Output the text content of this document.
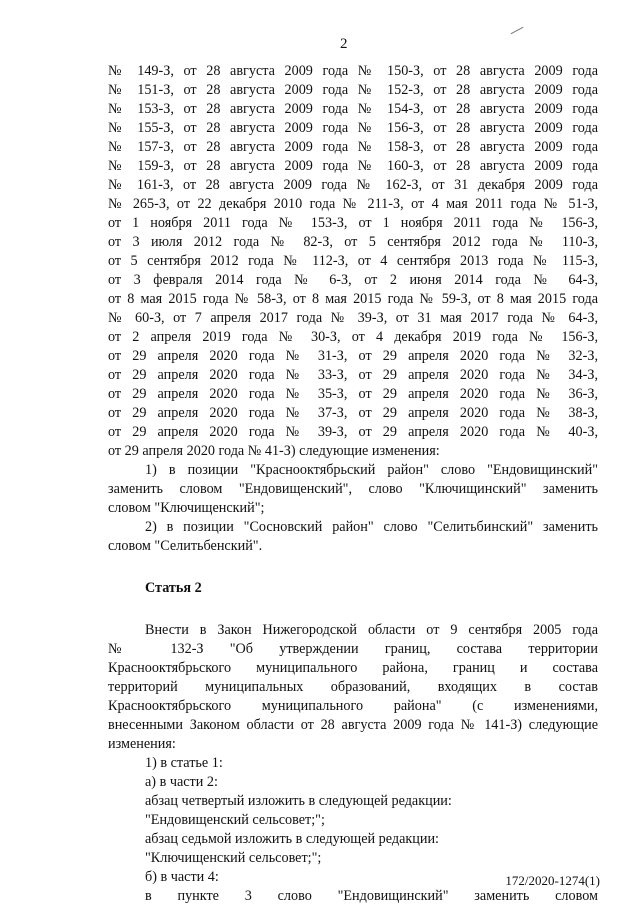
2
№ 149-З, от 28 августа 2009 года № 150-З, от 28 августа 2009 года
№ 151-З, от 28 августа 2009 года № 152-З, от 28 августа 2009 года
№ 153-З, от 28 августа 2009 года № 154-З, от 28 августа 2009 года
№ 155-З, от 28 августа 2009 года № 156-З, от 28 августа 2009 года
№ 157-З, от 28 августа 2009 года № 158-З, от 28 августа 2009 года
№ 159-З, от 28 августа 2009 года № 160-З, от 28 августа 2009 года
№ 161-З, от 28 августа 2009 года № 162-З, от 31 декабря 2009 года
№ 265-З, от 22 декабря 2010 года № 211-З, от 4 мая 2011 года № 51-З,
от 1 ноября 2011 года № 153-З, от 1 ноября 2011 года № 156-З,
от 3 июля 2012 года № 82-З, от 5 сентября 2012 года № 110-З,
от 5 сентября 2012 года № 112-З, от 4 сентября 2013 года № 115-З,
от 3 февраля 2014 года № 6-З, от 2 июня 2014 года № 64-З,
от 8 мая 2015 года № 58-З, от 8 мая 2015 года № 59-З, от 8 мая 2015 года
№ 60-З, от 7 апреля 2017 года № 39-З, от 31 мая 2017 года № 64-З,
от 2 апреля 2019 года № 30-З, от 4 декабря 2019 года № 156-З,
от 29 апреля 2020 года № 31-З, от 29 апреля 2020 года № 32-З,
от 29 апреля 2020 года № 33-З, от 29 апреля 2020 года № 34-З,
от 29 апреля 2020 года № 35-З, от 29 апреля 2020 года № 36-З,
от 29 апреля 2020 года № 37-З, от 29 апреля 2020 года № 38-З,
от 29 апреля 2020 года № 39-З, от 29 апреля 2020 года № 40-З,
от 29 апреля 2020 года № 41-З) следующие изменения:
1) в позиции "Краснооктябрьский район" слово "Ендовищинский"
заменить словом "Ендовищенский", слово "Ключищинский" заменить
словом "Ключищенский";
2) в позиции "Сосновский район" слово "Селитьбинский" заменить
словом "Селитьбенский".
Статья 2
Внести в Закон Нижегородской области от 9 сентября 2005 года
№ 132-З "Об утверждении границ, состава территории
Краснооктябрьского муниципального района, границ и состава
территорий муниципальных образований, входящих в состав
Краснооктябрьского муниципального района" (с изменениями,
внесенными Законом области от 28 августа 2009 года № 141-З) следующие
изменения:
1) в статье 1:
а) в части 2:
абзац четвертый изложить в следующей редакции:
"Ендовищенский сельсовет;";
абзац седьмой изложить в следующей редакции:
"Ключищенский сельсовет;";
б) в части 4:
в пункте 3 слово "Ендовищинский" заменить словом
172/2020-1274(1)
